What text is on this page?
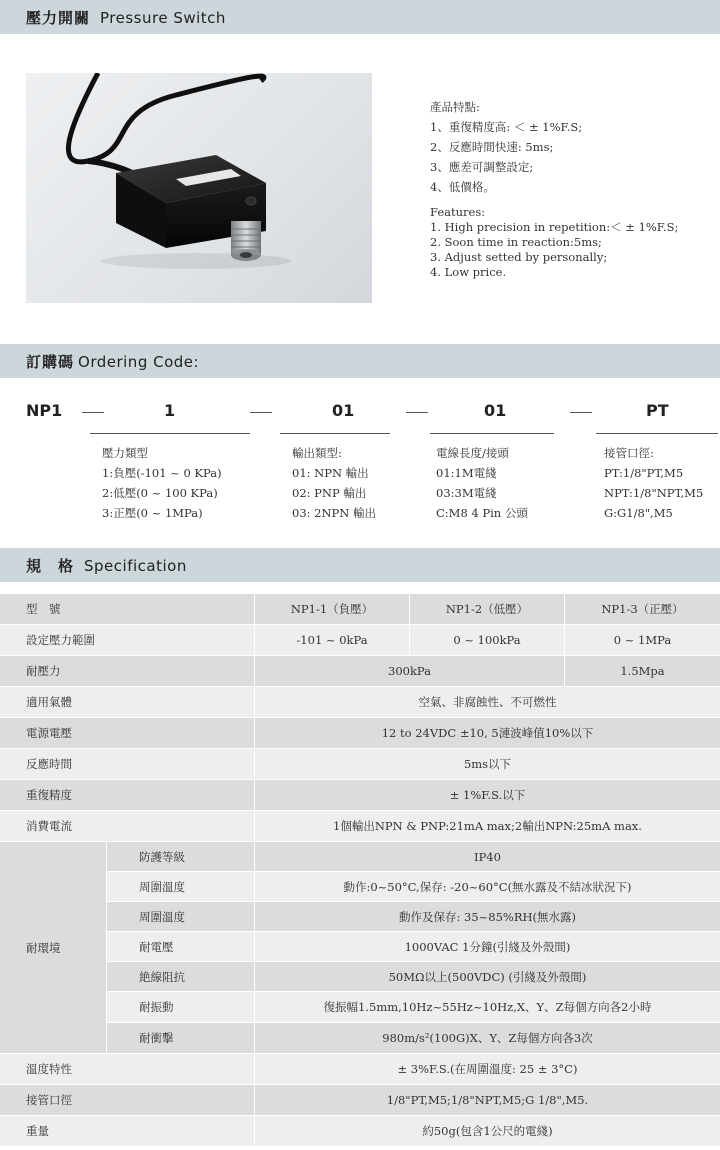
壓力開關 Pressure Switch
產品特點:
1、重復精度高: ＜ ± 1%F.S;
2、反應時間快速: 5ms;
3、應差可調整設定;
4、低價格。
Features:
1. High precision in repetition:＜ ± 1%F.S;
2. Soon time in reaction:5ms;
3. Adjust setted by personally;
4. Low price.
訂購碼 Ordering Code:
NP1	1	01	01	PT
壓力類型
1:負壓(-101 ~ 0 KPa)
2:低壓(0 ~ 100 KPa)
3:正壓(0 ~ 1MPa)
輸出類型:
01: NPN 輸出
02: PNP 輸出
03: 2NPN 輸出
電線長度/接頭
01:1M電綫
03:3M電綫
C:M8 4 Pin 公頭
接管口徑:
PT:1/8"PT,M5
NPT:1/8"NPT,M5
G:G1/8",M5
規　格 Specification
型　號	NP1-1（負壓）	NP1-2（低壓）	NP1-3（正壓）
設定壓力範圍	-101 ~ 0kPa	0 ~ 100kPa	0 ~ 1MPa
耐壓力	300kPa	1.5Mpa
適用氣體	空氣、非腐蝕性、不可燃性
電源電壓	12 to 24VDC ±10, 5漣波峰值10%以下
反應時間	5ms以下
重復精度	± 1%F.S.以下
消費電流	1個輸出NPN & PNP:21mA max;2輸出NPN:25mA max.
耐環境
防護等級	IP40
周圍溫度	動作:0~50°C,保存: -20~60°C(無水露及不結冰狀況下)
周圍溫度	動作及保存: 35~85%RH(無水露)
耐電壓	1000VAC 1分鐘(引綫及外殼間)
絶線阻抗	50MΩ以上(500VDC) (引綫及外殼間)
耐振動	復振幅1.5mm,10Hz~55Hz~10Hz,X、Y、Z每個方向各2小時
耐衝擊	980m/s²(100G)X、Y、Z每個方向各3次
溫度特性	± 3%F.S.(在周圍溫度: 25 ± 3°C)
接管口徑	1/8"PT,M5;1/8"NPT,M5;G 1/8",M5.
重量	約50g(包含1公尺的電綫)
